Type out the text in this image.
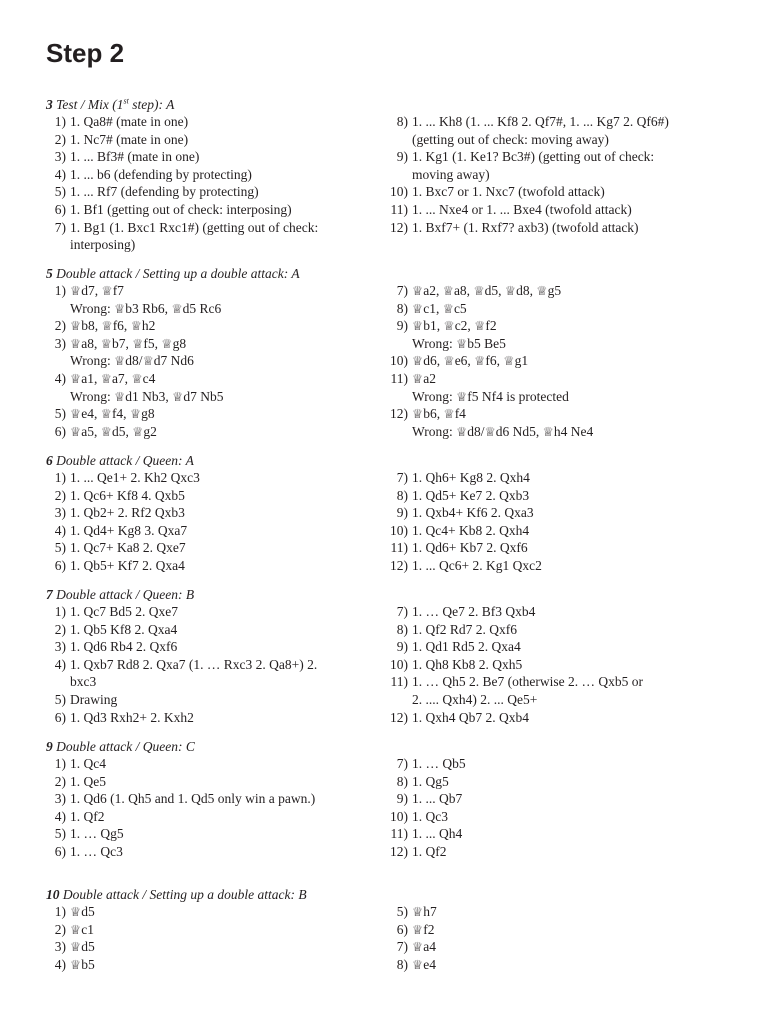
Step 2
3 Test / Mix (1st step): A
1) 1. Qa8# (mate in one)
2) 1. Nc7# (mate in one)
3) 1. ... Bf3# (mate in one)
4) 1. ... b6 (defending by protecting)
5) 1. ... Rf7 (defending by protecting)
6) 1. Bf1 (getting out of check: interposing)
7) 1. Bg1 (1. Bxc1 Rxc1#) (getting out of check:
interposing)
8) 1. ... Kh8 (1. ... Kf8 2. Qf7#, 1. ... Kg7 2. Qf6#)
(getting out of check: moving away)
9) 1. Kg1 (1. Ke1? Bc3#) (getting out of check:
moving away)
10) 1. Bxc7 or 1. Nxc7 (twofold attack)
11) 1. ... Nxe4 or 1. ... Bxe4 (twofold attack)
12) 1. Bxf7+ (1. Rxf7? axb3) (twofold attack)
5 Double attack / Setting up a double attack: A
1) ♕d7, ♕f7
Wrong: ♕b3 Rb6, ♕d5 Rc6
2) ♕b8, ♕f6, ♕h2
3) ♕a8, ♕b7, ♕f5, ♕g8
Wrong: ♕d8/♕d7 Nd6
4) ♕a1, ♕a7, ♕c4
Wrong: ♕d1 Nb3, ♕d7 Nb5
5) ♕e4, ♕f4, ♕g8
6) ♕a5, ♕d5, ♕g2
7) ♕a2, ♕a8, ♕d5, ♕d8, ♕g5
8) ♕c1, ♕c5
9) ♕b1, ♕c2, ♕f2
Wrong: ♕b5 Be5
10) ♕d6, ♕e6, ♕f6, ♕g1
11) ♕a2
Wrong: ♕f5 Nf4 is protected
12) ♕b6, ♕f4
Wrong: ♕d8/♕d6 Nd5, ♕h4 Ne4
6 Double attack / Queen: A
1) 1. ... Qe1+ 2. Kh2 Qxc3
2) 1. Qc6+ Kf8 4. Qxb5
3) 1. Qb2+ 2. Rf2 Qxb3
4) 1. Qd4+ Kg8 3. Qxa7
5) 1. Qc7+ Ka8 2. Qxe7
6) 1. Qb5+ Kf7 2. Qxa4
7) 1. Qh6+ Kg8 2. Qxh4
8) 1. Qd5+ Ke7 2. Qxb3
9) 1. Qxb4+ Kf6 2. Qxa3
10) 1. Qc4+ Kb8 2. Qxh4
11) 1. Qd6+ Kb7 2. Qxf6
12) 1. ... Qc6+ 2. Kg1 Qxc2
7 Double attack / Queen: B
1) 1. Qc7 Bd5 2. Qxe7
2) 1. Qb5 Kf8 2. Qxa4
3) 1. Qd6 Rb4 2. Qxf6
4) 1. Qxb7 Rd8 2. Qxa7 (1. … Rxc3 2. Qa8+) 2.
bxc3
5) Drawing
6) 1. Qd3 Rxh2+ 2. Kxh2
7) 1. … Qe7 2. Bf3 Qxb4
8) 1. Qf2 Rd7 2. Qxf6
9) 1. Qd1 Rd5 2. Qxa4
10) 1. Qh8 Kb8 2. Qxh5
11) 1. … Qh5 2. Be7 (otherwise 2. … Qxb5 or
2. .... Qxh4) 2. ... Qe5+
12) 1. Qxh4 Qb7 2. Qxb4
9 Double attack / Queen: C
1) 1. Qc4
2) 1. Qe5
3) 1. Qd6 (1. Qh5 and 1. Qd5 only win a pawn.)
4) 1. Qf2
5) 1. … Qg5
6) 1. … Qc3
7) 1. … Qb5
8) 1. Qg5
9) 1. ... Qb7
10) 1. Qc3
11) 1. ... Qh4
12) 1. Qf2
10 Double attack / Setting up a double attack: B
1) ♕d5
2) ♕c1
3) ♕d5
4) ♕b5
5) ♕h7
6) ♕f2
7) ♕a4
8) ♕e4
